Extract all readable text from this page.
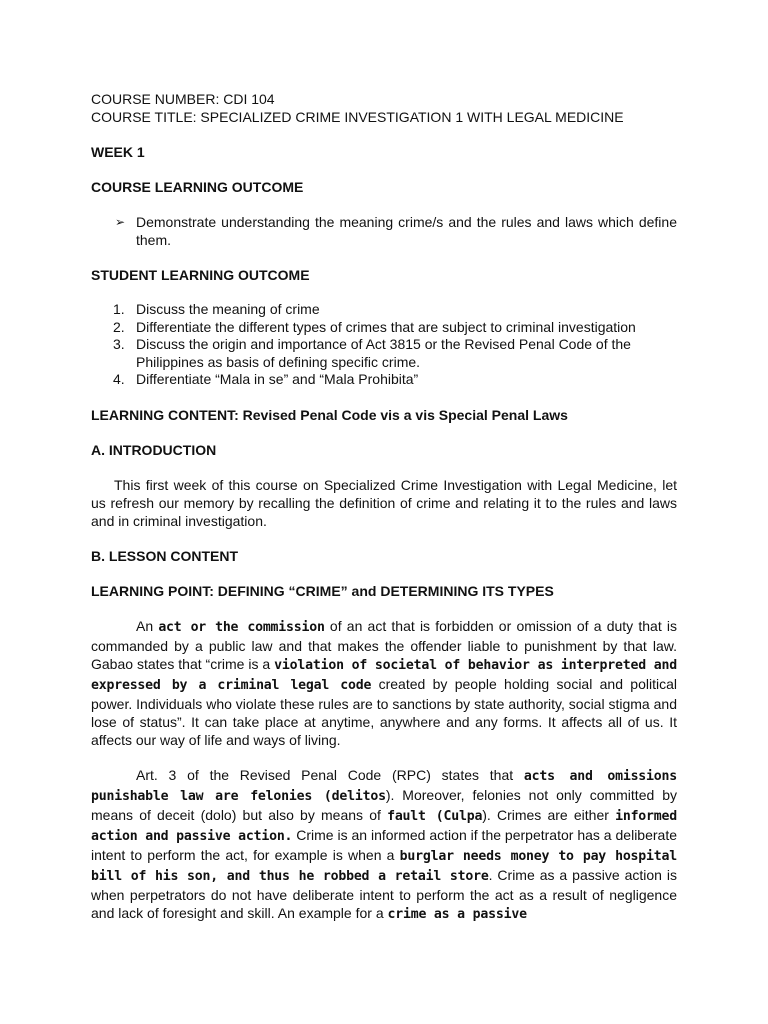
COURSE NUMBER: CDI 104

COURSE TITLE: SPECIALIZED CRIME INVESTIGATION 1 WITH LEGAL MEDICINE

WEEK 1

COURSE LEARNING OUTCOME

➢ Demonstrate understanding the meaning crime/s and the rules and laws which define them.

STUDENT LEARNING OUTCOME

1. Discuss the meaning of crime
2. Differentiate the different types of crimes that are subject to criminal investigation
3. Discuss the origin and importance of Act 3815 or the Revised Penal Code of the Philippines as basis of defining specific crime.
4. Differentiate “Mala in se” and “Mala Prohibita”

LEARNING CONTENT: Revised Penal Code vis a vis Special Penal Laws

A. INTRODUCTION

This first week of this course on Specialized Crime Investigation with Legal Medicine, let us refresh our memory by recalling the definition of crime and relating it to the rules and laws and in criminal investigation.

B. LESSON CONTENT

LEARNING POINT: DEFINING “CRIME” and DETERMINING ITS TYPES

An act or the commission of an act that is forbidden or omission of a duty that is commanded by a public law and that makes the offender liable to punishment by that law. Gabao states that “crime is a violation of societal of behavior as interpreted and expressed by a criminal legal code created by people holding social and political power. Individuals who violate these rules are to sanctions by state authority, social stigma and lose of status”. It can take place at anytime, anywhere and any forms. It affects all of us. It affects our way of life and ways of living.

Art. 3 of the Revised Penal Code (RPC) states that acts and omissions punishable law are felonies (delitos). Moreover, felonies not only committed by means of deceit (dolo) but also by means of fault (Culpa). Crimes are either informed action and passive action. Crime is an informed action if the perpetrator has a deliberate intent to perform the act, for example is when a burglar needs money to pay hospital bill of his son, and thus he robbed a retail store. Crime as a passive action is when perpetrators do not have deliberate intent to perform the act as a result of negligence and lack of foresight and skill. An example for a crime as a passive
